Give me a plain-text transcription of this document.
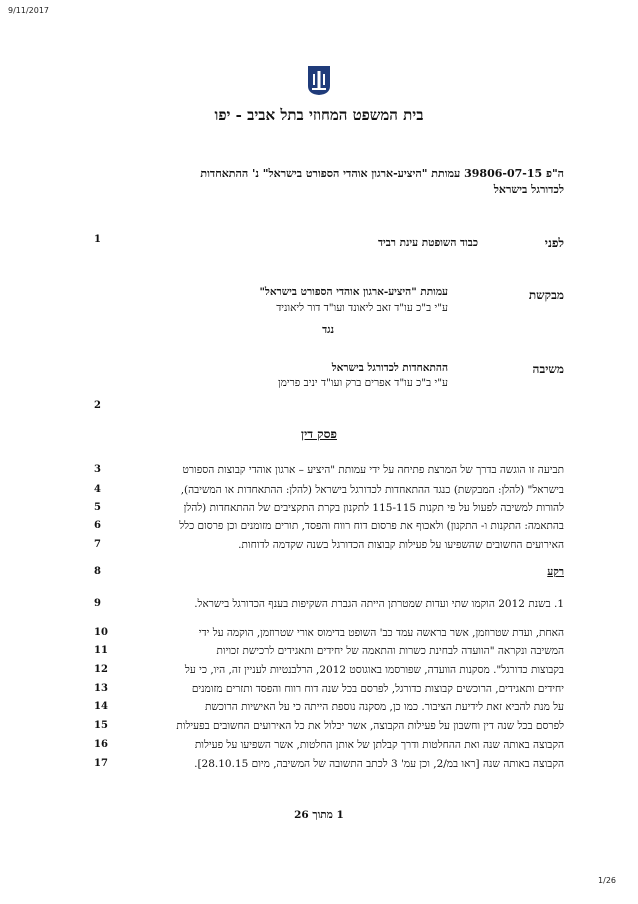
9/11/2017
בית המשפט המחוזי בתל אביב - יפו
ה"פ 39806-07-15 עמותת "היציע-ארגון אוהדי הספורט בישראל" נ' ההתאחדות
לכדורגל בישראל
1
2
3
4
5
6
7
8
9
10
11
12
13
14
15
16
17
לפני
כבוד השופטת עינת רביד
מבקשת
עמותת "היציע-ארגון אוהדי הספורט בישראל"
ע"י ב"כ עו"ד זאב ליאונד ועו"ד דור ליאוניד
נגד
משיבה
ההתאחדות לכדורגל בישראל
ע"י ב"כ עו"ד אפרים ברק ועו"ד יניב פרימן
פסק דין
תביעה זו הוגשה בדרך של המרצת פתיחה על ידי עמותת "היציע – ארגון אוהדי קבוצות הספורט
בישראל" (להלן: המבקשת) כנגד ההתאחדות לכדורגל בישראל (להלן: ההתאחדות או המשיבה),
להורות למשיבה לפעול על פי תקנות 115-115 לתקנון בקרת התקציבים של ההתאחדות (להלן
בהתאמה: התקנות ו- התקנון) ולאכוף את פרסום דוח רווח והפסד, תורים מזומנים וכן פרסום כלל
האירועים החשובים שהשפיעו על פעילות קבוצות הכדורגל בשנה שקדמה לדוחות.
רקע
1. בשנת 2012 הוקמו שתי ועדות שמטרתן הייתה הגברת השקיפות בענף הכדורגל בישראל.
האחת, ועדת שטרוזמן, אשר בראשה עמד כב' השופט בדימוס אורי שטרוזמן, הוקמה על ידי
המשיבה ונקראה "הוועדה לבחינת כשרות והתאמה של יחידים ותאגידים לרכישת זכויות
בקבוצות כדורגל". מסקנות הוועדה, שפורסמו באוגוסט 2012, הרלבנטיות לעניין זה, היו, כי על
יחידים ותאגידים, הרוכשים קבוצות כדורגל, לפרסם בכל שנה דוח רווח והפסד ותזרים מזומנים
על מנת להביא זאת לידיעת הציבור. כמו כן, מסקנה נוספת הייתה כי על האישיות הרוכשת
לפרסם בכל שנה דין וחשבון על פעילות הקבוצה, אשר יכלול את כל האירועים החשובים בפעילות
הקבוצה באותה שנה ואת ההחלטות ודרך קבלתן של אותן החלטות, אשר השפיעו על פעילות
הקבוצה באותה שנה [ראו במ/2, וכן עמ' 3 לכתב התשובה של המשיבה, מיום 28.10.15].
1 מתוך 26
1/26
